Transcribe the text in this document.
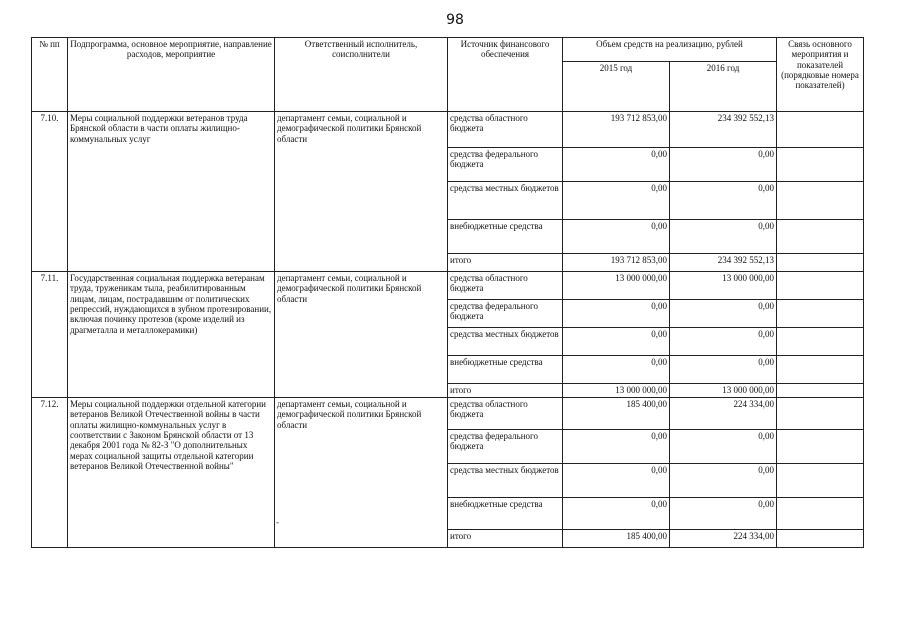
98
№ пп	Подпрограмма, основное мероприятие, направление расходов, мероприятие	Ответственный исполнитель, соисполнители	Источник финансового обеспечения	Объем средств на реализацию, рублей		Связь основного мероприятия и показателей (порядковые номера показателей)
				2015 год	2016 год	
7.10.	Меры социальной поддержки ветеранов труда Брянской области в части оплаты жилищно-коммунальных услуг	департамент семьи, социальной и демографической политики Брянской области	средства областного бюджета	193 712 853,00	234 392 552,13	
			средства федерального бюджета	0,00	0,00	
			средства местных бюджетов	0,00	0,00	
			внебюджетные средства	0,00	0,00	
			итого	193 712 853,00	234 392 552,13	
7.11.	Государственная социальная поддержка ветеранам труда, труженикам тыла, реабилитированным лицам, лицам, пострадавшим от политических репрессий, нуждающихся в зубном протезировании, включая починку протезов (кроме изделий из драгметалла и металлокерамики)	департамент семьи, социальной и демографической политики Брянской области	средства областного бюджета	13 000 000,00	13 000 000,00	
			средства федерального бюджета	0,00	0,00	
			средства местных бюджетов	0,00	0,00	
			внебюджетные средства	0,00	0,00	
			итого	13 000 000,00	13 000 000,00	
7.12.	Меры социальной поддержки отдельной категории ветеранов Великой Отечественной войны в части оплаты жилищно-коммунальных услуг в соответствии с Законом Брянской области от 13 декабря 2001 года № 82-З "О дополнительных мерах социальной защиты отдельной категории ветеранов Великой Отечественной войны"	департамент семьи, социальной и демографической политики Брянской области	средства областного бюджета	185 400,00	224 334,00	
			средства федерального бюджета	0,00	0,00	
			средства местных бюджетов	0,00	0,00	
			внебюджетные средства	0,00	0,00	
			итого	185 400,00	224 334,00	
-
